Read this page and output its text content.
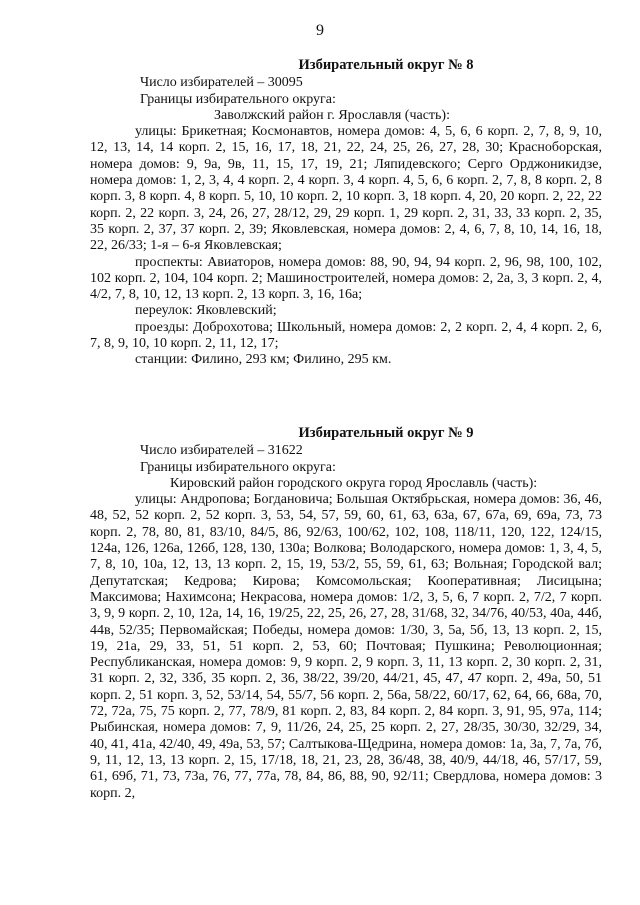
9
Избирательный округ № 8
Число избирателей – 30095
Границы избирательного округа:
Заволжский район г. Ярославля (часть):

улицы: Брикетная; Космонавтов, номера домов: 4, 5, 6, 6 корп. 2, 7, 8, 9, 10, 12, 13, 14, 14 корп. 2, 15, 16, 17, 18, 21, 22, 24, 25, 26, 27, 28, 30; Красноборская, номера домов: 9, 9а, 9в, 11, 15, 17, 19, 21; Ляпидевского; Серго Орджоникидзе, номера домов: 1, 2, 3, 4, 4 корп. 2, 4 корп. 3, 4 корп. 4, 5, 6, 6 корп. 2, 7, 8, 8 корп. 2, 8 корп. 3, 8 корп. 4, 8 корп. 5, 10, 10 корп. 2, 10 корп. 3, 18 корп. 4, 20, 20 корп. 2, 22, 22 корп. 2, 22 корп. 3, 24, 26, 27, 28/12, 29, 29 корп. 1, 29 корп. 2, 31, 33, 33 корп. 2, 35, 35 корп. 2, 37, 37 корп. 2, 39; Яковлевская, номера домов: 2, 4, 6, 7, 8, 10, 14, 16, 18, 22, 26/33; 1-я – 6-я Яковлевская;

проспекты: Авиаторов, номера домов: 88, 90, 94, 94 корп. 2, 96, 98, 100, 102, 102 корп. 2, 104, 104 корп. 2; Машиностроителей, номера домов: 2, 2а, 3, 3 корп. 2, 4, 4/2, 7, 8, 10, 12, 13 корп. 2, 13 корп. 3, 16, 16а;

переулок: Яковлевский;

проезды: Доброхотова; Школьный, номера домов: 2, 2 корп. 2, 4, 4 корп. 2, 6, 7, 8, 9, 10, 10 корп. 2, 11, 12, 17;

станции: Филино, 293 км; Филино, 295 км.

Избирательный округ № 9
Число избирателей – 31622
Границы избирательного округа:
Кировский район городского округа город Ярославль (часть):

улицы: Андропова; Богдановича; Большая Октябрьская, номера домов: 36, 46, 48, 52, 52 корп. 2, 52 корп. 3, 53, 54, 57, 59, 60, 61, 63, 63а, 67, 67а, 69, 69а, 73, 73 корп. 2, 78, 80, 81, 83/10, 84/5, 86, 92/63, 100/62, 102, 108, 118/11, 120, 122, 124/15, 124а, 126, 126а, 126б, 128, 130, 130а; Волкова; Володарского, номера домов: 1, 3, 4, 5, 7, 8, 10, 10а, 12, 13, 13 корп. 2, 15, 19, 53/2, 55, 59, 61, 63; Вольная; Городской вал; Депутатская; Кедрова; Кирова; Комсомольская; Кооперативная; Лисицына; Максимова; Нахимсона; Некрасова, номера домов: 1/2, 3, 5, 6, 7 корп. 2, 7/2, 7 корп. 3, 9, 9 корп. 2, 10, 12а, 14, 16, 19/25, 22, 25, 26, 27, 28, 31/68, 32, 34/76, 40/53, 40а, 44б, 44в, 52/35; Первомайская; Победы, номера домов: 1/30, 3, 5а, 5б, 13, 13 корп. 2, 15, 19, 21а, 29, 33, 51, 51 корп. 2, 53, 60; Почтовая; Пушкина; Революционная; Республиканская, номера домов: 9, 9 корп. 2, 9 корп. 3, 11, 13 корп. 2, 30 корп. 2, 31, 31 корп. 2, 32, 33б, 35 корп. 2, 36, 38/22, 39/20, 44/21, 45, 47, 47 корп. 2, 49а, 50, 51 корп. 2, 51 корп. 3, 52, 53/14, 54, 55/7, 56 корп. 2, 56а, 58/22, 60/17, 62, 64, 66, 68а, 70, 72, 72а, 75, 75 корп. 2, 77, 78/9, 81 корп. 2, 83, 84 корп. 2, 84 корп. 3, 91, 95, 97а, 114; Рыбинская, номера домов: 7, 9, 11/26, 24, 25, 25 корп. 2, 27, 28/35, 30/30, 32/29, 34, 40, 41, 41а, 42/40, 49, 49а, 53, 57; Салтыкова-Щедрина, номера домов: 1а, 3а, 7, 7а, 7б, 9, 11, 12, 13, 13 корп. 2, 15, 17/18, 18, 21, 23, 28, 36/48, 38, 40/9, 44/18, 46, 57/17, 59, 61, 69б, 71, 73, 73а, 76, 77, 77а, 78, 84, 86, 88, 90, 92/11; Свердлова, номера домов: 3 корп. 2,
